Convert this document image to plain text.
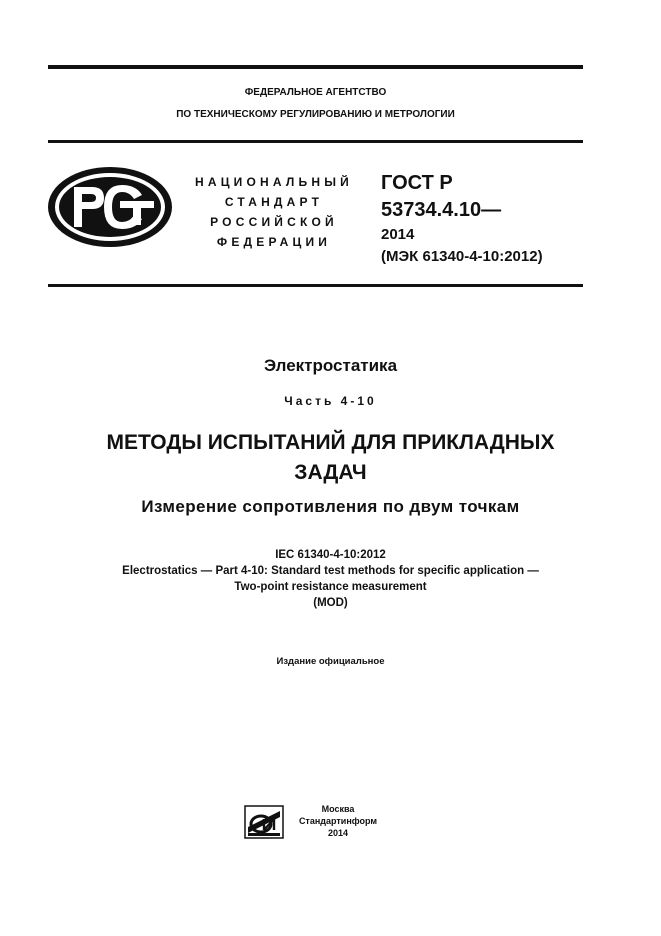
ФЕДЕРАЛЬНОЕ АГЕНТСТВО
ПО ТЕХНИЧЕСКОМУ РЕГУЛИРОВАНИЮ И МЕТРОЛОГИИ
НАЦИОНАЛЬНЫЙ
СТАНДАРТ
РОССИЙСКОЙ
ФЕДЕРАЦИИ
ГОСТ Р
53734.4.10—
2014
(МЭК 61340-4-10:2012)
Электростатика
Часть 4-10
МЕТОДЫ ИСПЫТАНИЙ ДЛЯ ПРИКЛАДНЫХ
ЗАДАЧ
Измерение сопротивления по двум точкам
IEC 61340-4-10:2012
Electrostatics — Part 4-10: Standard test methods for specific application —
Two-point resistance measurement
(MOD)
Издание официальное
Москва
Стандартинформ
2014
